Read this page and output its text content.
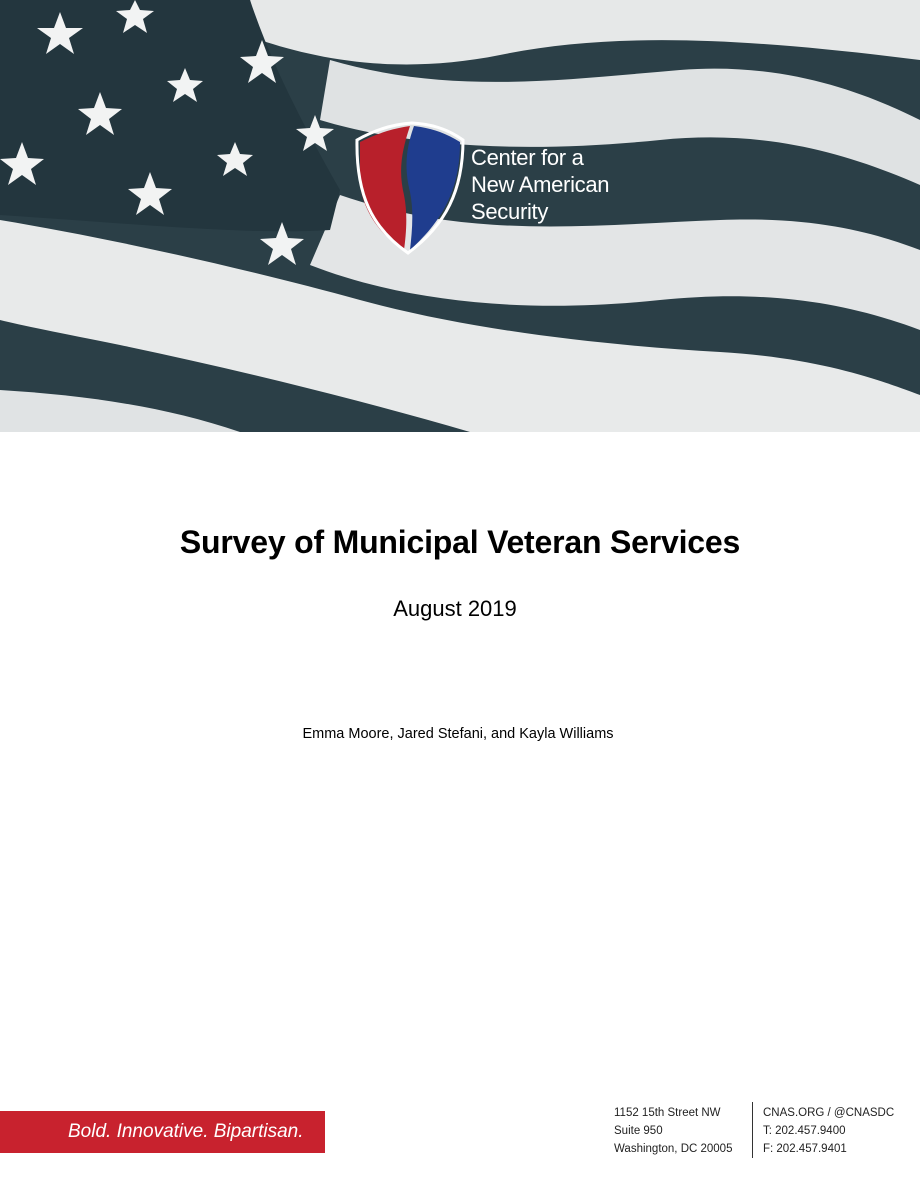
Center for a
New American
Security
Survey of Municipal Veteran Services
August 2019
Emma Moore, Jared Stefani, and Kayla Williams
Bold. Innovative. Bipartisan.
1152 15th Street NW
Suite 950
Washington, DC 20005
CNAS.ORG / @CNASDC
T: 202.457.9400
F: 202.457.9401
